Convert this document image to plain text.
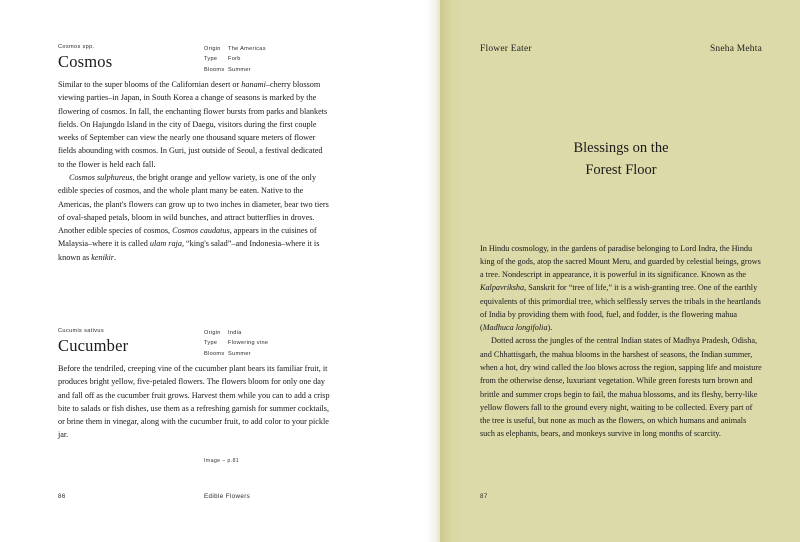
Cosmos spp.
Cosmos
Origin The Americas
Type Forb
Blooms Summer

Similar to the super blooms of the Californian desert or hanami–cherry blossom viewing parties–in Japan, in South Korea a change of seasons is marked by the flowering of cosmos. In fall, the enchanting flower bursts from parks and blankets fields. On Hajungdo Island in the city of Daegu, visitors during the first couple weeks of September can view the nearly one thousand square meters of flower fields abounding with cosmos. In Guri, just outside of Seoul, a festival dedicated to the flower is held each fall.

Cosmos sulphureus, the bright orange and yellow variety, is one of the only edible species of cosmos, and the whole plant many be eaten. Native to the Americas, the plant's flowers can grow up to two inches in diameter, bear two tiers of oval-shaped petals, bloom in wild bunches, and attract butterflies in droves. Another edible species of cosmos, Cosmos caudatus, appears in the cuisines of Malaysia–where it is called ulam raja, “king's salad”–and Indonesia–where it is known as kenikir.

Cucumis sativus
Cucumber
Origin India
Type Flowering vine
Blooms Summer

Before the tendriled, creeping vine of the cucumber plant bears its familiar fruit, it produces bright yellow, five-petaled flowers. The flowers bloom for only one day and fall off as the cucumber fruit grows. Harvest them while you can to add a crisp bite to salads or fish dishes, use them as a refreshing garnish for summer cocktails, or brine them in vinegar, along with the cucumber fruit, to add color to your pickle jar.

Image – p.81
86	Edible Flowers
Flower Eater	Sneha Mehta
Blessings on the
Forest Floor

In Hindu cosmology, in the gardens of paradise belonging to Lord Indra, the Hindu king of the gods, atop the sacred Mount Meru, and guarded by celestial beings, grows a tree. Nondescript in appearance, it is powerful in its significance. Known as the Kalpavriksha, Sanskrit for “tree of life,” it is a wish-granting tree. One of the earthly equivalents of this primordial tree, which selflessly serves the tribals in the heartlands of India by providing them with food, fuel, and fodder, is the flowering mahua (Madhuca longifolia).

Dotted across the jungles of the central Indian states of Madhya Pradesh, Odisha, and Chhattisgarh, the mahua blooms in the harshest of seasons, the Indian summer, when a hot, dry wind called the loo blows across the region, sapping life and moisture from the otherwise dense, luxuriant vegetation. While green forests turn brown and brittle and summer crops begin to fail, the mahua blossoms, and its fleshy, berry-like yellow flowers fall to the ground every night, waiting to be collected. Every part of the tree is useful, but none as much as the flowers, on which humans and animals such as elephants, bears, and monkeys survive in long months of scarcity.

87
